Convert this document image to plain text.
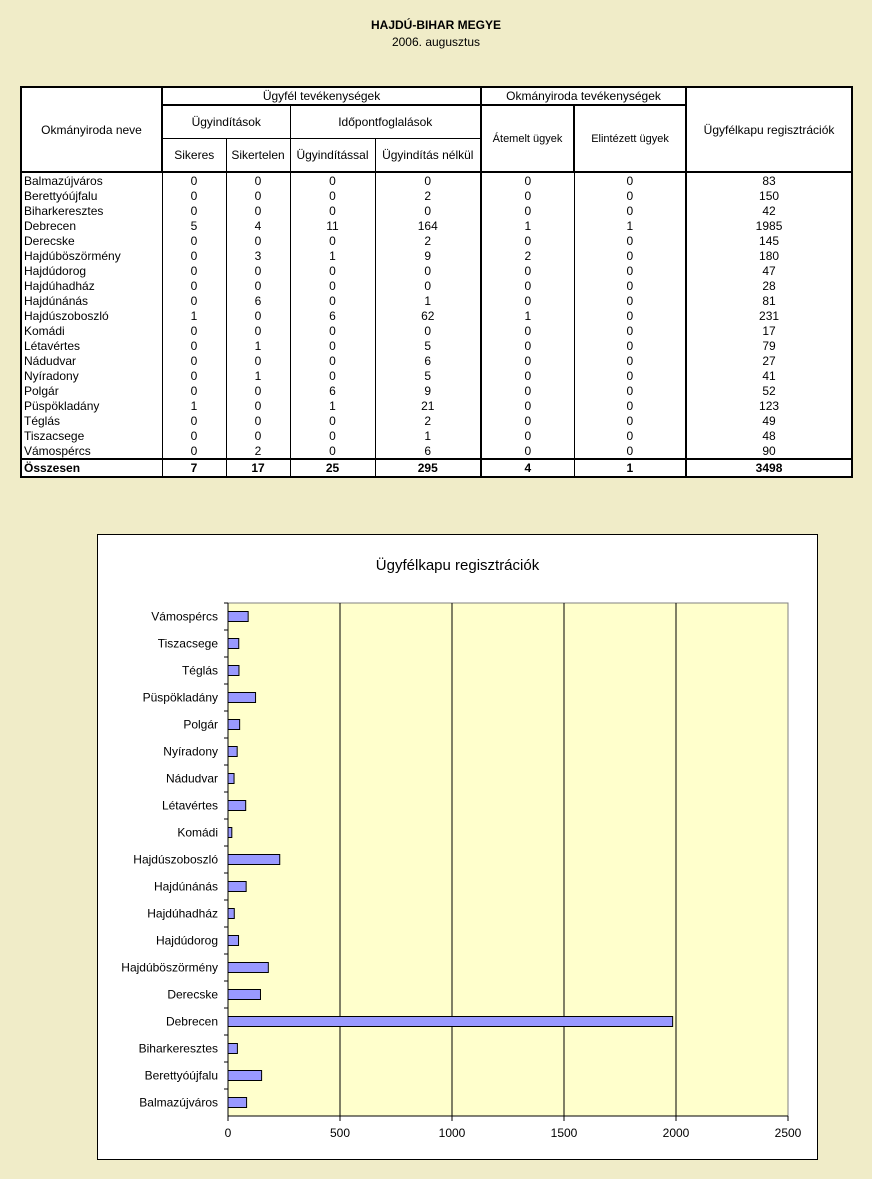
HAJDÚ-BIHAR MEGYE
2006. augusztus
Okmányiroda neve	Ügyfél tevékenységek				Okmányiroda tevékenységek		Ügyfélkapu regisztrációk
	Ügyindítások		Időpontfoglalások		Átemelt ügyek	Elintézett ügyek	
	Sikeres	Sikertelen	Ügyindítással	Ügyindítás nélkül			
Balmazújváros	0	0	0	0	0	0	83
Berettyóújfalu	0	0	0	2	0	0	150
Biharkeresztes	0	0	0	0	0	0	42
Debrecen	5	4	11	164	1	1	1985
Derecske	0	0	0	2	0	0	145
Hajdúböszörmény	0	3	1	9	2	0	180
Hajdúdorog	0	0	0	0	0	0	47
Hajdúhadház	0	0	0	0	0	0	28
Hajdúnánás	0	6	0	1	0	0	81
Hajdúszoboszló	1	0	6	62	1	0	231
Komádi	0	0	0	0	0	0	17
Létavértes	0	1	0	5	0	0	79
Nádudvar	0	0	0	6	0	0	27
Nyíradony	0	1	0	5	0	0	41
Polgár	0	0	6	9	0	0	52
Püspökladány	1	0	1	21	0	0	123
Téglás	0	0	0	2	0	0	49
Tiszacsege	0	0	0	1	0	0	48
Vámospércs	0	2	0	6	0	0	90
Összesen	7	17	25	295	4	1	3498
Ügyfélkapu regisztrációk
0	500	1000	1500	2000	2500
Balmazújváros
Berettyóújfalu
Biharkeresztes
Debrecen
Derecske
Hajdúböszörmény
Hajdúdorog
Hajdúhadház
Hajdúnánás
Hajdúszoboszló
Komádi
Létavértes
Nádudvar
Nyíradony
Polgár
Püspökladány
Téglás
Tiszacsege
Vámospércs
